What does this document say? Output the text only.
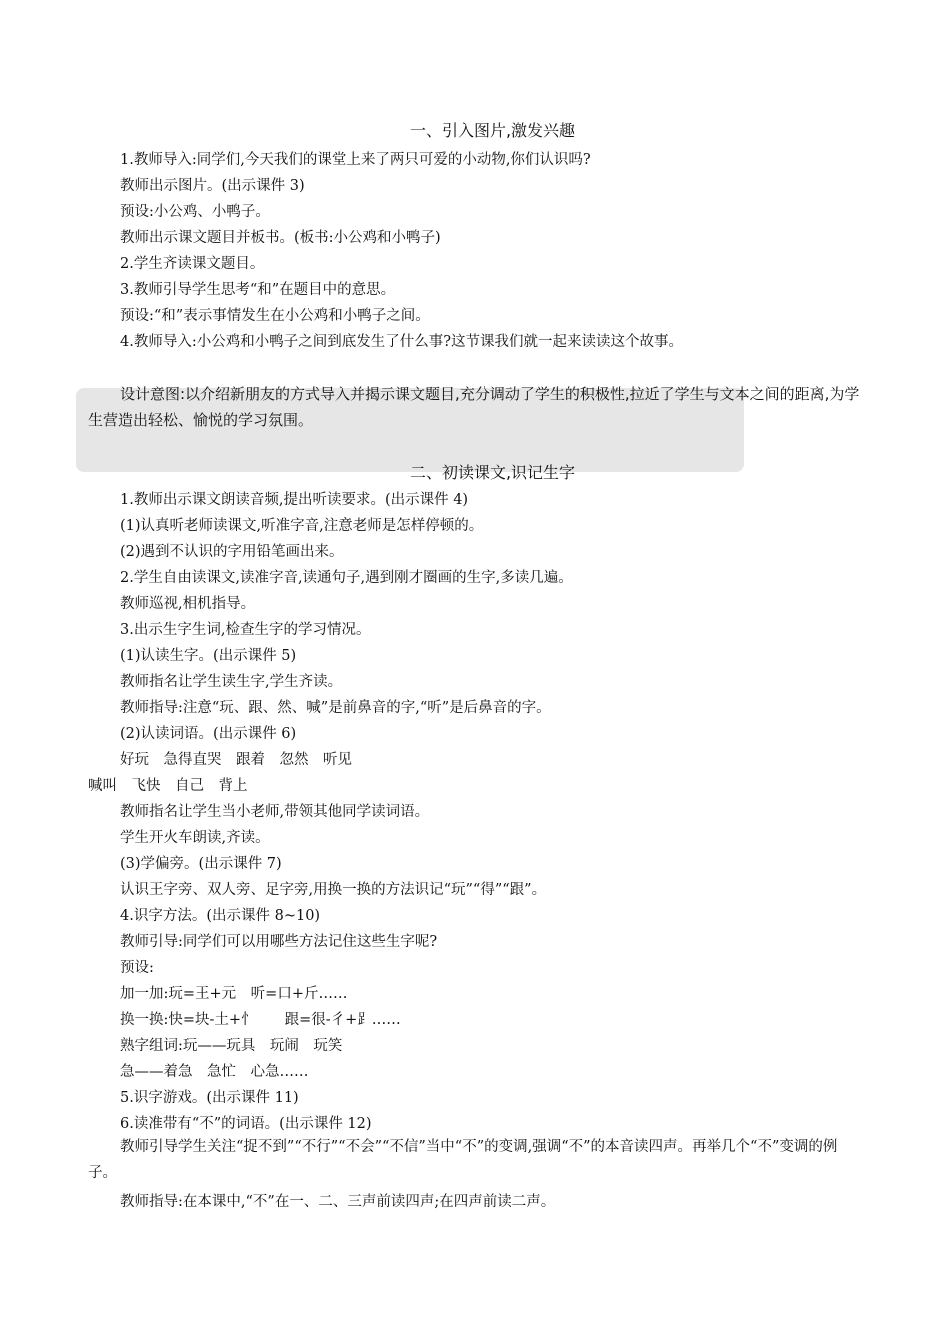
一、引入图片,激发兴趣
1.教师导入:同学们,今天我们的课堂上来了两只可爱的小动物,你们认识吗?
教师出示图片。(出示课件 3)
预设:小公鸡、小鸭子。
教师出示课文题目并板书。(板书:小公鸡和小鸭子)
2.学生齐读课文题目。
3.教师引导学生思考“和”在题目中的意思。
预设:“和”表示事情发生在小公鸡和小鸭子之间。
4.教师导入:小公鸡和小鸭子之间到底发生了什么事?这节课我们就一起来读读这个故事。
设计意图:以介绍新朋友的方式导入并揭示课文题目,充分调动了学生的积极性,拉近了学生与文本之间的距离,为学生营造出轻松、愉悦的学习氛围。
二、初读课文,识记生字
1.教师出示课文朗读音频,提出听读要求。(出示课件 4)
(1)认真听老师读课文,听准字音,注意老师是怎样停顿的。
(2)遇到不认识的字用铅笔画出来。
2.学生自由读课文,读准字音,读通句子,遇到刚才圈画的生字,多读几遍。
教师巡视,相机指导。
3.出示生字生词,检查生字的学习情况。
(1)认读生字。(出示课件 5)
教师指名让学生读生字,学生齐读。
教师指导:注意“玩、跟、然、喊”是前鼻音的字,“听”是后鼻音的字。
(2)认读词语。(出示课件 6)
好玩　急得直哭　跟着　忽然　听见
喊叫　飞快　自己　背上
教师指名让学生当小老师,带领其他同学读词语。
学生开火车朗读,齐读。
(3)学偏旁。(出示课件 7)
认识王字旁、双人旁、足字旁,用换一换的方法识记“玩”“得”“跟”。
4.识字方法。(出示课件 8~10)
教师引导:同学们可以用哪些方法记住这些生字呢?
预设:
加一加:玩=王+元　听=口+斤……
换一换:快=块-土+忄　　跟=很-彳+⻊……
熟字组词:玩——玩具　玩闹　玩笑
急——着急　急忙　心急……
5.识字游戏。(出示课件 11)
6.读准带有“不”的词语。(出示课件 12)
教师引导学生关注“捉不到”“不行”“不会”“不信”当中“不”的变调,强调“不”的本音读四声。再举几个“不”变调的例子。
教师指导:在本课中,“不”在一、二、三声前读四声;在四声前读二声。
